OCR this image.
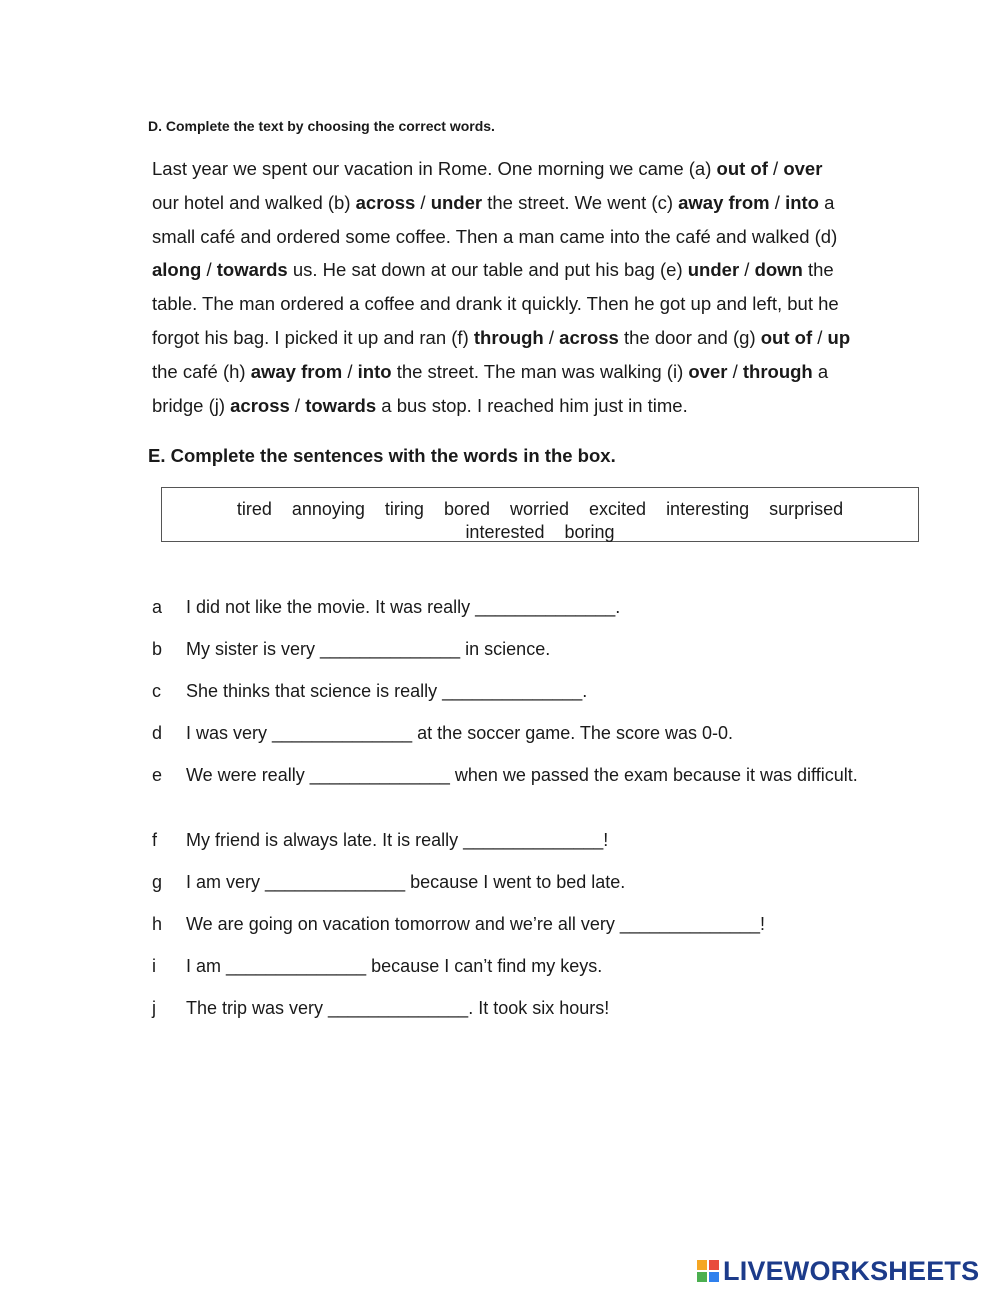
D. Complete the text by choosing the correct words.
Last year we spent our vacation in Rome. One morning we came (a) out of / over
our hotel and walked (b) across / under the street. We went (c) away from / into a
small café and ordered some coffee. Then a man came into the café and walked (d)
along / towards us. He sat down at our table and put his bag (e) under / down the
table. The man ordered a coffee and drank it quickly. Then he got up and left, but he
forgot his bag. I picked it up and ran (f) through / across the door and (g) out of / up
the café (h) away from / into the street. The man was walking (i) over / through a
bridge (j) across / towards a bus stop. I reached him just in time.
E. Complete the sentences with the words in the box.
tired annoying tiring bored worried excited interesting surprised
interested boring
a I did not like the movie. It was really ______________.
b My sister is very ______________ in science.
c She thinks that science is really ______________.
d I was very ______________ at the soccer game. The score was 0-0.
e We were really ______________ when we passed the exam because it was difficult.
f My friend is always late. It is really ______________!
g I am very ______________ because I went to bed late.
h We are going on vacation tomorrow and we’re all very ______________!
i I am ______________ because I can’t find my keys.
j The trip was very ______________. It took six hours!
LIVEWORKSHEETS
